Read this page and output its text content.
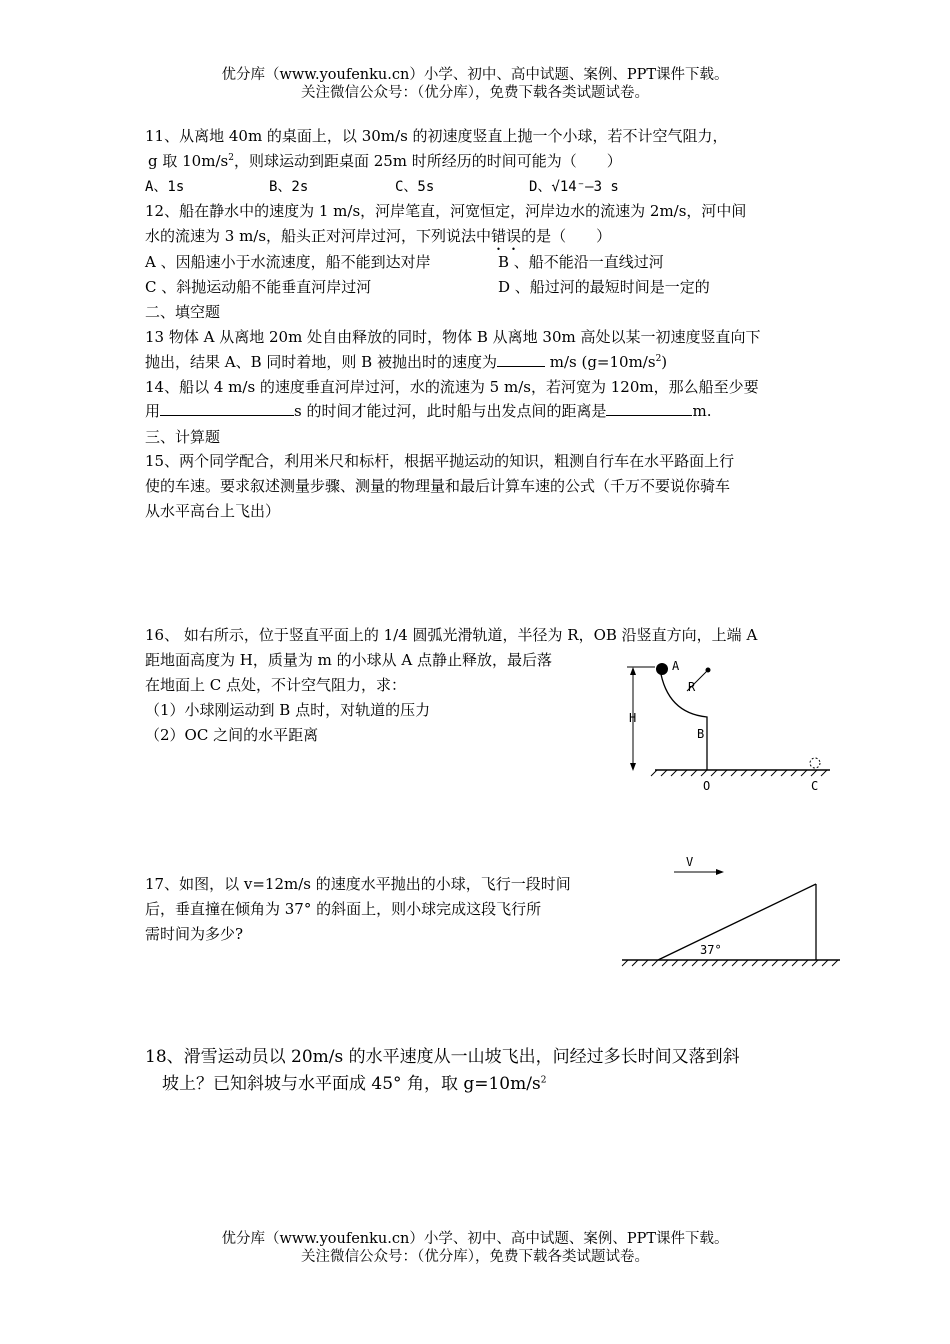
优分库（www.youfenku.cn）小学、初中、高中试题、案例、PPT课件下载。
关注微信公众号：（优分库），免费下载各类试题试卷。
11、从离地 40m 的桌面上，以 30m/s 的初速度竖直上抛一个小球，若不计空气阻力，
g 取 $10m/s^2$，则球运动到距桌面 25m 时所经历的时间可能为（　　）
A、1s	B、2s	C、5s	D、√14⁻–3 s
12、船在静水中的速度为 1 m/s，河岸笔直，河宽恒定，河岸边水的流速为 2m/s，河中间
水的流速为 3 m/s，船头正对河岸过河，下列说法中错误的是（　　）
A 、因船速小于水流速度，船不能到达对岸	B 、船不能沿一直线过河
C 、斜抛运动船不能垂直河岸过河	D 、船过河的最短时间是一定的
二、填空题
13 物体 A 从离地 20m 处自由释放的同时，物体 B 从离地 30m 高处以某一初速度竖直向下
抛出，结果 A、B 同时着地，则 B 被抛出时的速度为	m/s $(g=10m/s^2)$
14、船以 4 m/s 的速度垂直河岸过河，水的流速为 5 m/s，若河宽为 120m，那么船至少要
用	s 的时间才能过河，此时船与出发点间的距离是	m.
三、计算题
15、两个同学配合，利用米尺和标杆，根据平抛运动的知识，粗测自行车在水平路面上行
使的车速。要求叙述测量步骤、测量的物理量和最后计算车速的公式（千万不要说你骑车
从水平高台上飞出）
16、 如右所示，位于竖直平面上的 1/4 圆弧光滑轨道，半径为 R，OB 沿竖直方向，上端 A
距地面高度为 H，质量为 m 的小球从 A 点静止释放，最后落
在地面上 C 点处，不计空气阻力，求：
（1）小球刚运动到 B 点时，对轨道的压力
（2）OC 之间的水平距离
H
A
R
B
O	C
17、如图，以 v=12m/s 的速度水平抛出的小球，飞行一段时间
后，垂直撞在倾角为 37° 的斜面上，则小球完成这段飞行所
需时间为多少?
V
37°
18、滑雪运动员以 20m/s 的水平速度从一山坡飞出，问经过多长时间又落到斜
坡上？已知斜坡与水平面成 45° 角，取 $g=10m/s^2$
优分库（www.youfenku.cn）小学、初中、高中试题、案例、PPT课件下载。
关注微信公众号：（优分库），免费下载各类试题试卷。
